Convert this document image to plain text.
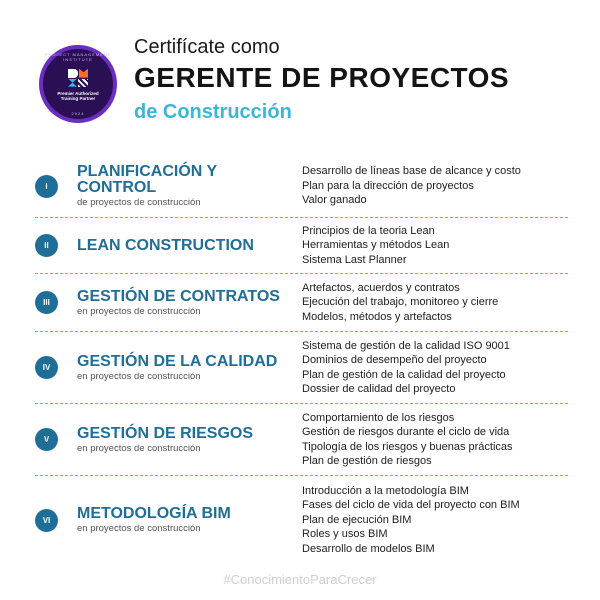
PROJECT MANAGEMENT INSTITUTE
Premier Authorized
Training Partner
2024
Certifícate como
GERENTE DE PROYECTOS
de Construcción
I
PLANIFICACIÓN Y
CONTROL
de proyectos de construcción
Desarrollo de líneas base de alcance y costo
Plan para la dirección de proyectos
Valor ganado
II	LEAN CONSTRUCTION
Principios de la teoria Lean
Herramientas y métodos Lean
Sistema Last Planner
III	GESTIÓN DE CONTRATOS
en proyectos de construcción
Artefactos, acuerdos y contratos
Ejecución del trabajo, monitoreo y cierre
Modelos, métodos y artefactos
IV	GESTIÓN DE LA CALIDAD
en proyectos de construcción
Sistema de gestión de la calidad ISO 9001
Dominios de desempeño del proyecto
Plan de gestión de la calidad del proyecto
Dossier de calidad del proyecto
V	GESTIÓN DE RIESGOS
en proyectos de construcción
Comportamiento de los riesgos
Gestión de riesgos durante el ciclo de vida
Tipología de los riesgos y buenas prácticas
Plan de gestión de riesgos
VI	METODOLOGÍA BIM
en proyectos de construcción
Introducción a la metodología BIM
Fases del ciclo de vida del proyecto con BIM
Plan de ejecución BIM
Roles y usos BIM
Desarrollo de modelos BIM
#ConocimientoParaCrecer
